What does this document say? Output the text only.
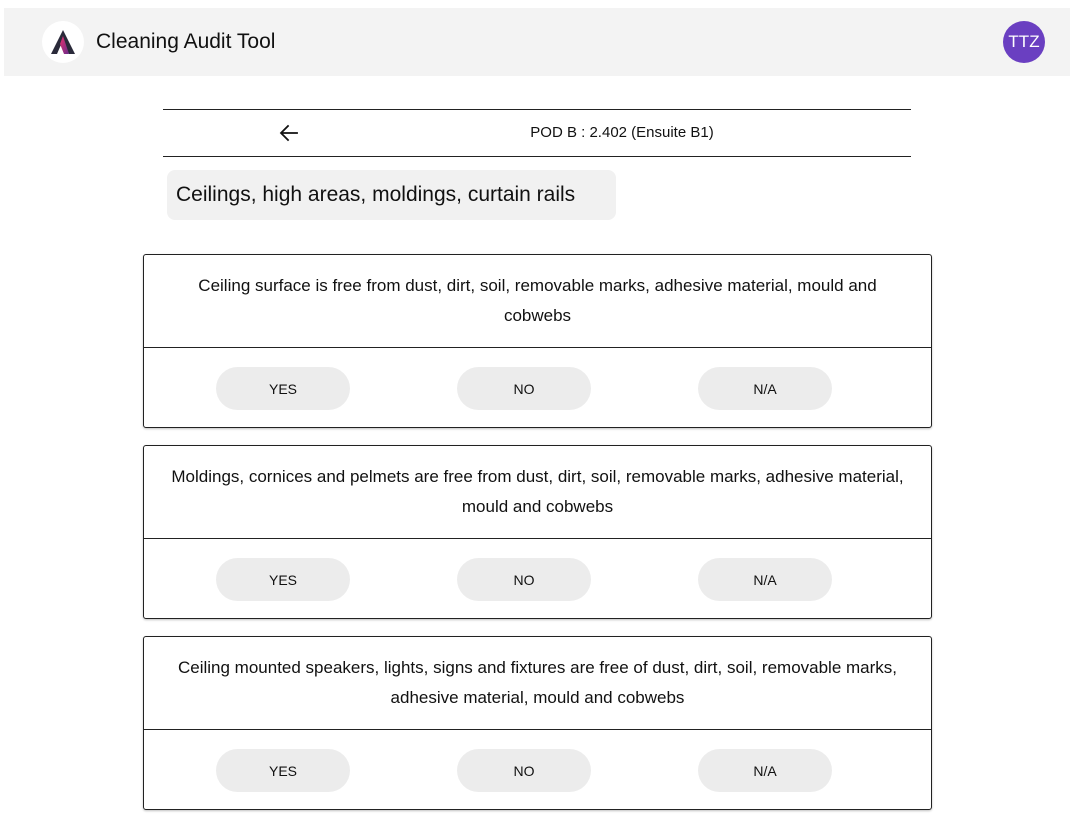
Cleaning Audit Tool	TTZ
POD B : 2.402 (Ensuite B1)
Ceilings, high areas, moldings, curtain rails
Ceiling surface is free from dust, dirt, soil, removable marks, adhesive material, mould and cobwebs
YES	NO	N/A
Moldings, cornices and pelmets are free from dust, dirt, soil, removable marks, adhesive material, mould and cobwebs
YES	NO	N/A
Ceiling mounted speakers, lights, signs and fixtures are free of dust, dirt, soil, removable marks, adhesive material, mould and cobwebs
YES	NO	N/A
